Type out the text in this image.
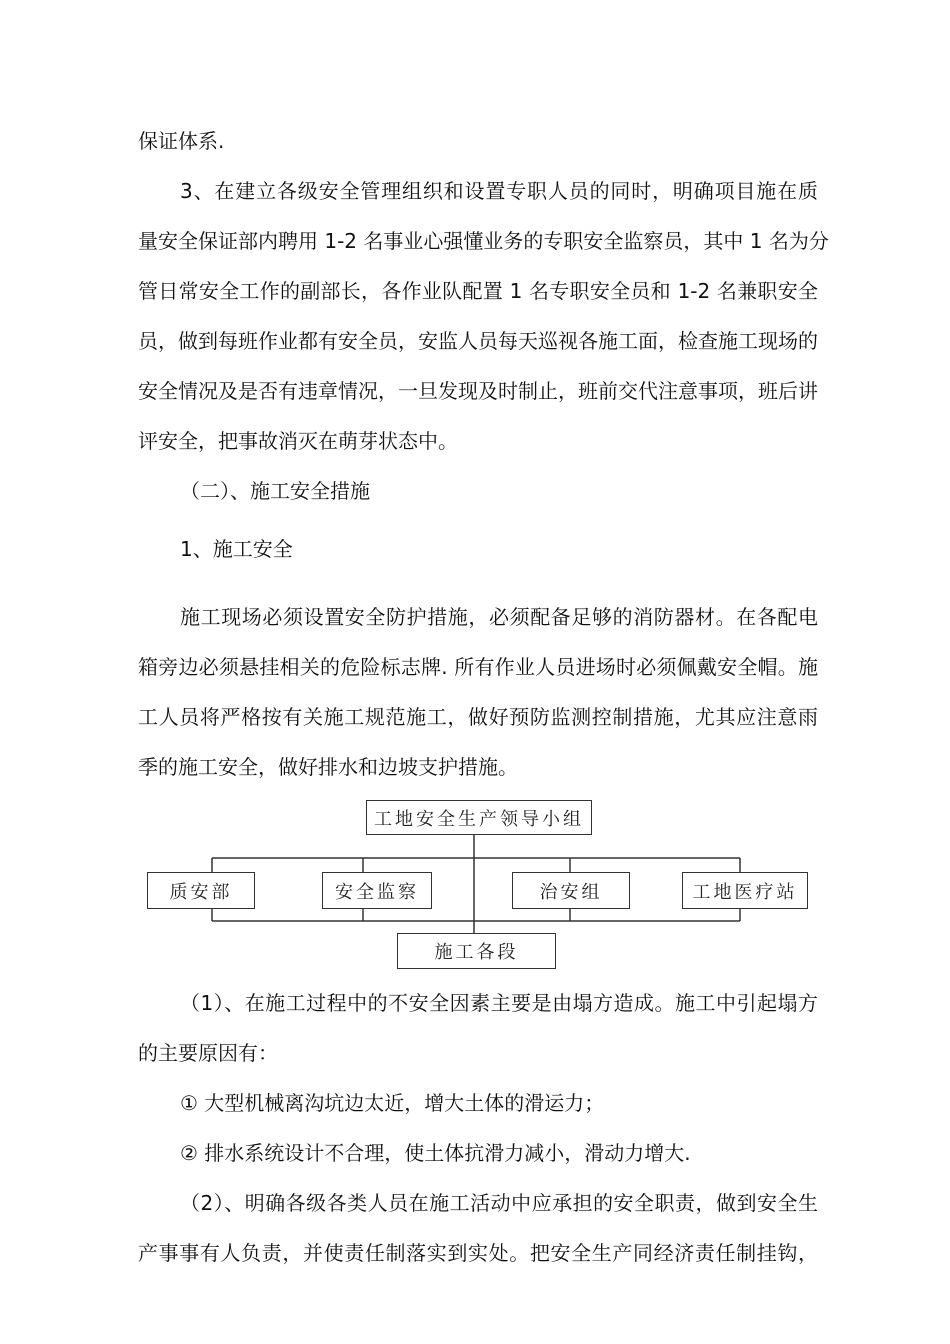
保证体系.
3、在建立各级安全管理组织和设置专职人员的同时，明确项目施在质
量安全保证部内聘用 1-2 名事业心强懂业务的专职安全监察员，其中 1 名为分
管日常安全工作的副部长，各作业队配置 1 名专职安全员和 1-2 名兼职安全
员，做到每班作业都有安全员，安监人员每天巡视各施工面，检查施工现场的
安全情况及是否有违章情况，一旦发现及时制止，班前交代注意事项，班后讲
评安全，把事故消灭在萌芽状态中。
（二）、施工安全措施
1、施工安全
施工现场必须设置安全防护措施，必须配备足够的消防器材。在各配电
箱旁边必须悬挂相关的危险标志牌. 所有作业人员进场时必须佩戴安全帽。施
工人员将严格按有关施工规范施工，做好预防监测控制措施，尤其应注意雨
季的施工安全，做好排水和边坡支护措施。
工地安全生产领导小组
质安部	安全监察	治安组	工地医疗站
施工各段
（1）、在施工过程中的不安全因素主要是由塌方造成。施工中引起塌方
的主要原因有：
① 大型机械离沟坑边太近，增大土体的滑运力；
② 排水系统设计不合理，使土体抗滑力减小，滑动力增大.
（2）、明确各级各类人员在施工活动中应承担的安全职责，做到安全生
产事事有人负责，并使责任制落实到实处。把安全生产同经济责任制挂钩，
